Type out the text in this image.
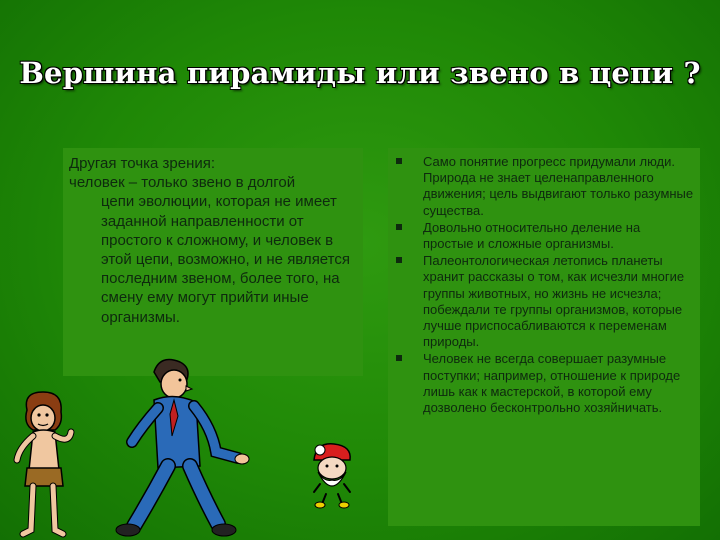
Вершина пирамиды или звено в цепи ?
Другая точка зрения:
человек – только звено в долгой
цепи эволюции, которая не имеет заданной направленности от простого к сложному, и человек в этой цепи, возможно, и не является последним звеном, более того, на смену ему могут прийти иные организмы.
Само понятие прогресс придумали люди. Природа не знает целенаправленного движения; цель выдвигают только разумные существа.
Довольно относительно деление на простые и сложные организмы.
Палеонтологическая летопись планеты хранит рассказы о том, как исчезли многие группы животных, но жизнь не исчезла; побеждали те группы организмов, которые лучше приспосабливаются к переменам природы.
Человек не всегда совершает разумные поступки; например, отношение к природе лишь как к мастерской, в которой ему дозволено бесконтрольно хозяйничать.
